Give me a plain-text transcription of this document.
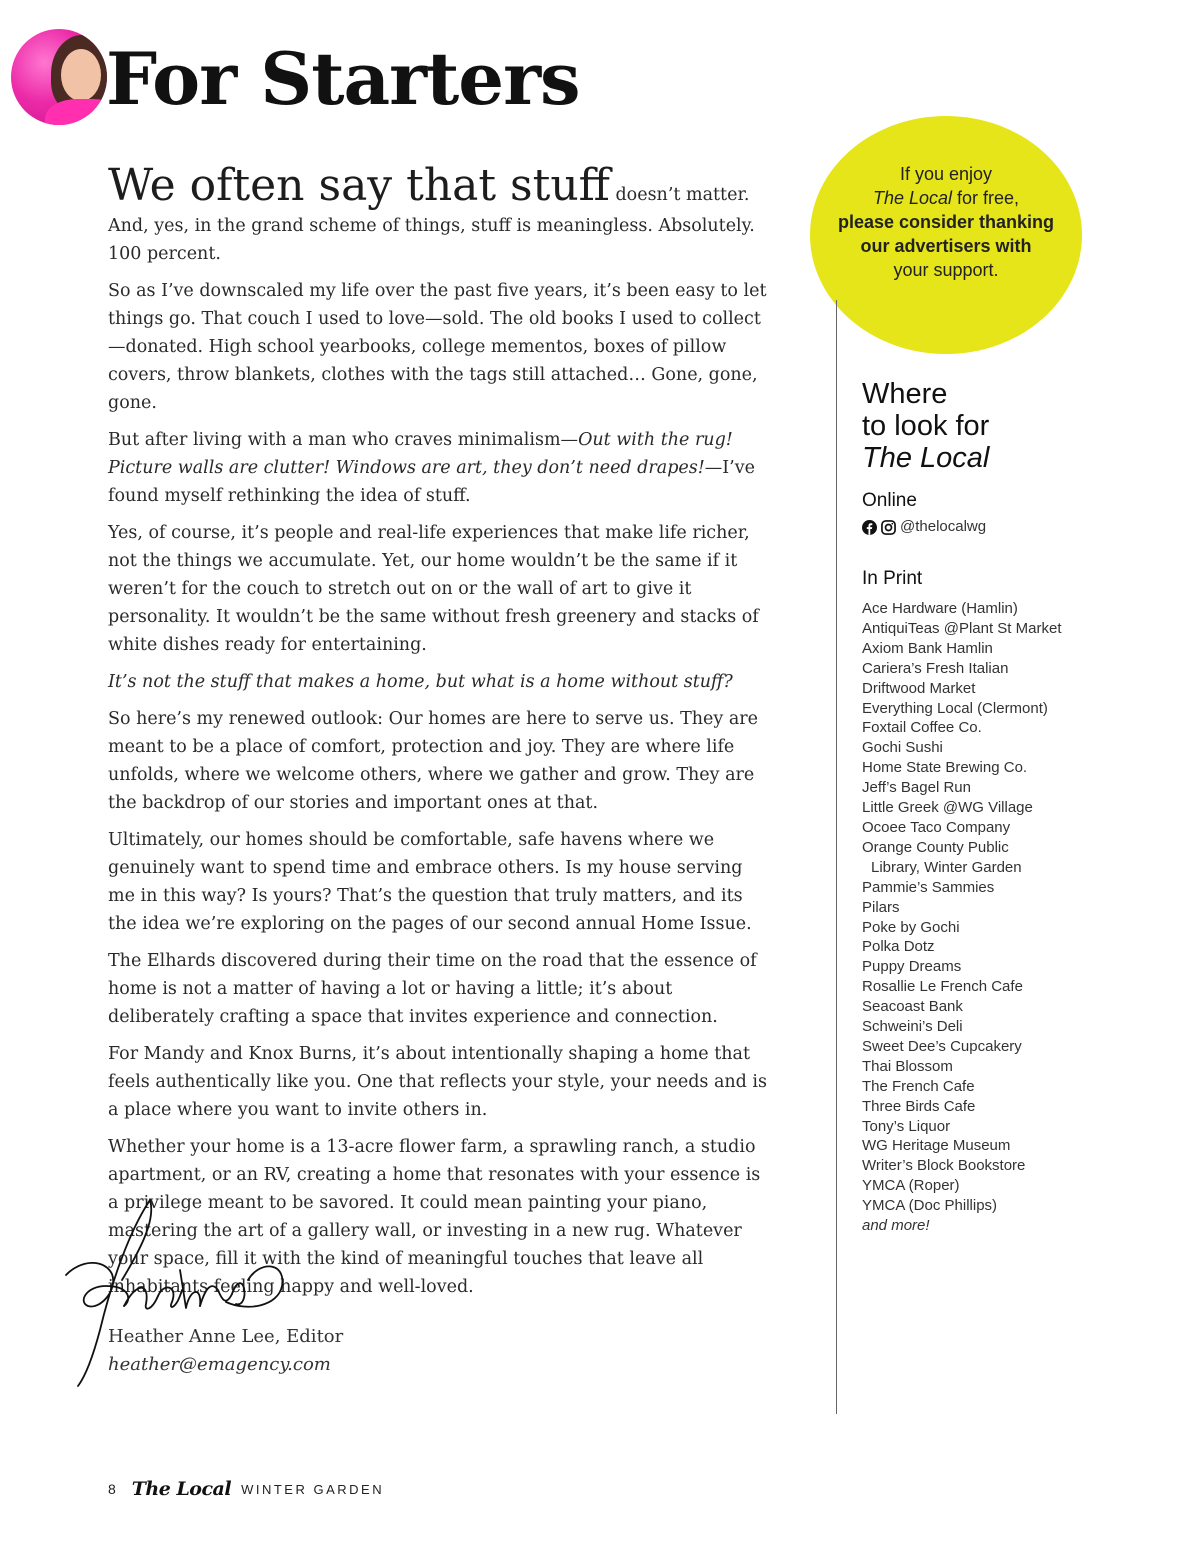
For Starters

We often say that stuff doesn’t matter. And, yes, in the grand scheme of things, stuff is meaningless. Absolutely. 100 percent.

So as I’ve downscaled my life over the past five years, it’s been easy to let things go. That couch I used to love—sold. The old books I used to collect—donated. High school yearbooks, college mementos, boxes of pillow covers, throw blankets, clothes with the tags still attached… Gone, gone, gone.

But after living with a man who craves minimalism—Out with the rug! Picture walls are clutter! Windows are art, they don’t need drapes!—I’ve found myself rethinking the idea of stuff.

Yes, of course, it’s people and real-life experiences that make life richer, not the things we accumulate. Yet, our home wouldn’t be the same if it weren’t for the couch to stretch out on or the wall of art to give it personality. It wouldn’t be the same without fresh greenery and stacks of white dishes ready for entertaining.

It’s not the stuff that makes a home, but what is a home without stuff?

So here’s my renewed outlook: Our homes are here to serve us. They are meant to be a place of comfort, protection and joy. They are where life unfolds, where we welcome others, where we gather and grow. They are the backdrop of our stories and important ones at that.

Ultimately, our homes should be comfortable, safe havens where we genuinely want to spend time and embrace others. Is my house serving me in this way? Is yours? That’s the question that truly matters, and its the idea we’re exploring on the pages of our second annual Home Issue.

The Elhards discovered during their time on the road that the essence of home is not a matter of having a lot or having a little; it’s about deliberately crafting a space that invites experience and connection.

For Mandy and Knox Burns, it’s about intentionally shaping a home that feels authentically like you. One that reflects your style, your needs and is a place where you want to invite others in.

Whether your home is a 13-acre flower farm, a sprawling ranch, a studio apartment, or an RV, creating a home that resonates with your essence is a privilege meant to be savored. It could mean painting your piano, mastering the art of a gallery wall, or investing in a new rug. Whatever your space, fill it with the kind of meaningful touches that leave all inhabitants feeling happy and well-loved.

Heather Anne Lee, Editor

heather@emagency.com

8 The Local WINTER GARDEN
If you enjoy
The Local for free,
please consider thanking
our advertisers with
your support.
Where
to look for
The Local

Online

@thelocalwg

In Print

Ace Hardware (Hamlin)
AntiquiTeas @Plant St Market
Axiom Bank Hamlin
Cariera’s Fresh Italian
Driftwood Market
Everything Local (Clermont)
Foxtail Coffee Co.
Gochi Sushi
Home State Brewing Co.
Jeff’s Bagel Run
Little Greek @WG Village
Ocoee Taco Company
Orange County Public
Library, Winter Garden
Pammie’s Sammies
Pilars
Poke by Gochi
Polka Dotz
Puppy Dreams
Rosallie Le French Cafe
Seacoast Bank
Schweini’s Deli
Sweet Dee’s Cupcakery
Thai Blossom
The French Cafe
Three Birds Cafe
Tony’s Liquor
WG Heritage Museum
Writer’s Block Bookstore
YMCA (Roper)
YMCA (Doc Phillips)

and more!
